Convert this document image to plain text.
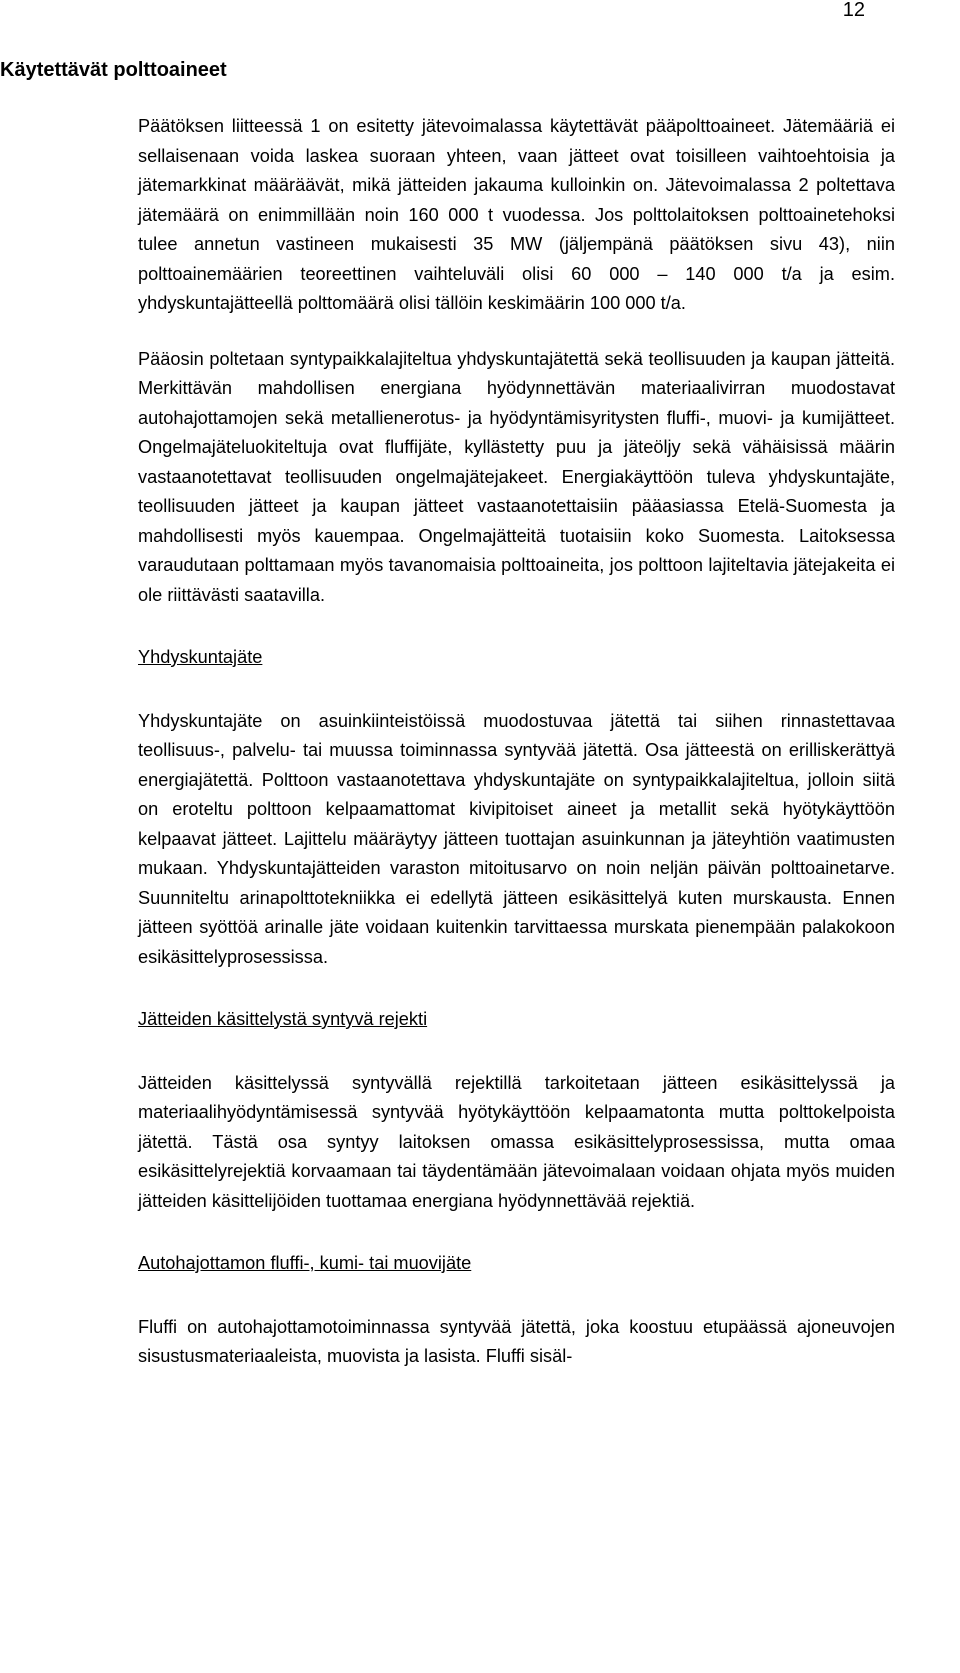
12
Käytettävät polttoaineet

Päätöksen liitteessä 1 on esitetty jätevoimalassa käytettävät pääpolttoaineet. Jätemääriä ei sellaisenaan voida laskea suoraan yhteen, vaan jätteet ovat toisilleen vaihtoehtoisia ja jätemarkkinat määräävät, mikä jätteiden jakauma kulloinkin on. Jätevoimalassa 2 poltettava jätemäärä on enimmillään noin 160 000 t vuodessa. Jos polttolaitoksen polttoainetehoksi tulee annetun vastineen mukaisesti 35 MW (jäljempänä päätöksen sivu 43), niin polttoainemäärien teoreettinen vaihteluväli olisi 60 000 – 140 000 t/a ja esim. yhdyskuntajätteellä polttomäärä olisi tällöin keskimäärin 100 000 t/a.

Pääosin poltetaan syntypaikkalajiteltua yhdyskuntajätettä sekä teollisuuden ja kaupan jätteitä. Merkittävän mahdollisen energiana hyödynnettävän materiaalivirran muodostavat autohajottamojen sekä metallienerotus- ja hyödyntämisyritysten fluffi-, muovi- ja kumijätteet. Ongelmajäteluokiteltuja ovat fluffijäte, kyllästetty puu ja jäteöljy sekä vähäisissä määrin vastaanotettavat teollisuuden ongelmajätejakeet. Energiakäyttöön tuleva yhdyskuntajäte, teollisuuden jätteet ja kaupan jätteet vastaanotettaisiin pääasiassa Etelä-Suomesta ja mahdollisesti myös kauempaa. Ongelmajätteitä tuotaisiin koko Suomesta. Laitoksessa varaudutaan polttamaan myös tavanomaisia polttoaineita, jos polttoon lajiteltavia jätejakeita ei ole riittävästi saatavilla.

Yhdyskuntajäte

Yhdyskuntajäte on asuinkiinteistöissä muodostuvaa jätettä tai siihen rinnastettavaa teollisuus-, palvelu- tai muussa toiminnassa syntyvää jätettä. Osa jätteestä on erilliskerättyä energiajätettä. Polttoon vastaanotettava yhdyskuntajäte on syntypaikkalajiteltua, jolloin siitä on eroteltu polttoon kelpaamattomat kivipitoiset aineet ja metallit sekä hyötykäyttöön kelpaavat jätteet. Lajittelu määräytyy jätteen tuottajan asuinkunnan ja jäteyhtiön vaatimusten mukaan. Yhdyskuntajätteiden varaston mitoitusarvo on noin neljän päivän polttoainetarve. Suunniteltu arinapolttotekniikka ei edellytä jätteen esikäsittelyä kuten murskausta. Ennen jätteen syöttöä arinalle jäte voidaan kuitenkin tarvittaessa murskata pienempään palakokoon esikäsittelyprosessissa.

Jätteiden käsittelystä syntyvä rejekti

Jätteiden käsittelyssä syntyvällä rejektillä tarkoitetaan jätteen esikäsittelyssä ja materiaalihyödyntämisessä syntyvää hyötykäyttöön kelpaamatonta mutta polttokelpoista jätettä. Tästä osa syntyy laitoksen omassa esikäsittelyprosessissa, mutta omaa esikäsittelyrejektiä korvaamaan tai täydentämään jätevoimalaan voidaan ohjata myös muiden jätteiden käsittelijöiden tuottamaa energiana hyödynnettävää rejektiä.

Autohajottamon fluffi-, kumi- tai muovijäte

Fluffi on autohajottamotoiminnassa syntyvää jätettä, joka koostuu etupäässä ajoneuvojen sisustusmateriaaleista, muovista ja lasista. Fluffi sisäl-
